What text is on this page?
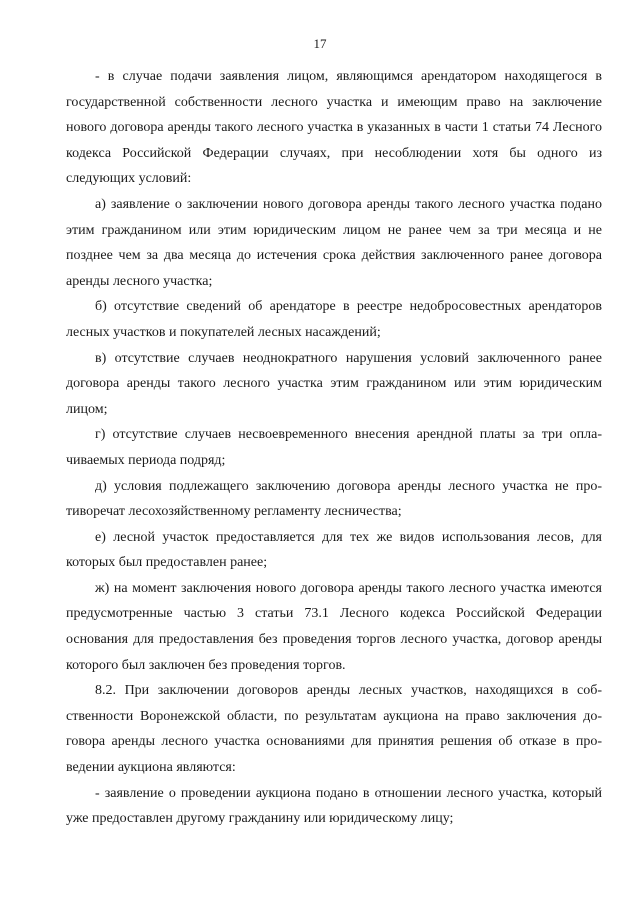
17

- в случае подачи заявления лицом, являющимся арендатором находящегося в государственной собственности лесного участка и имеющим право на заключение нового договора аренды такого лесного участка в указанных в части 1 статьи 74 Лесного кодекса Российской Федерации случаях, при несоблюдении хотя бы одного из следующих условий:

а) заявление о заключении нового договора аренды такого лесного участка подано этим гражданином или этим юридическим лицом не ранее чем за три месяца и не позднее чем за два месяца до истечения срока действия заключенного ранее договора аренды лесного участка;

б) отсутствие сведений об арендаторе в реестре недобросовестных арендаторов лесных участков и покупателей лесных насаждений;

в) отсутствие случаев неоднократного нарушения условий заключенного ранее договора аренды такого лесного участка этим гражданином или этим юридическим лицом;

г) отсутствие случаев несвоевременного внесения арендной платы за три оплачиваемых периода подряд;

д) условия подлежащего заключению договора аренды лесного участка не противоречат лесохозяйственному регламенту лесничества;

е) лесной участок предоставляется для тех же видов использования лесов, для которых был предоставлен ранее;

ж) на момент заключения нового договора аренды такого лесного участка имеются предусмотренные частью 3 статьи 73.1 Лесного кодекса Российской Федерации основания для предоставления без проведения торгов лесного участка, договор аренды которого был заключен без проведения торгов.

8.2. При заключении договоров аренды лесных участков, находящихся в собственности Воронежской области, по результатам аукциона на право заключения договора аренды лесного участка основаниями для принятия решения об отказе в проведении аукциона являются:

- заявление о проведении аукциона подано в отношении лесного участка, который уже предоставлен другому гражданину или юридическому лицу;
